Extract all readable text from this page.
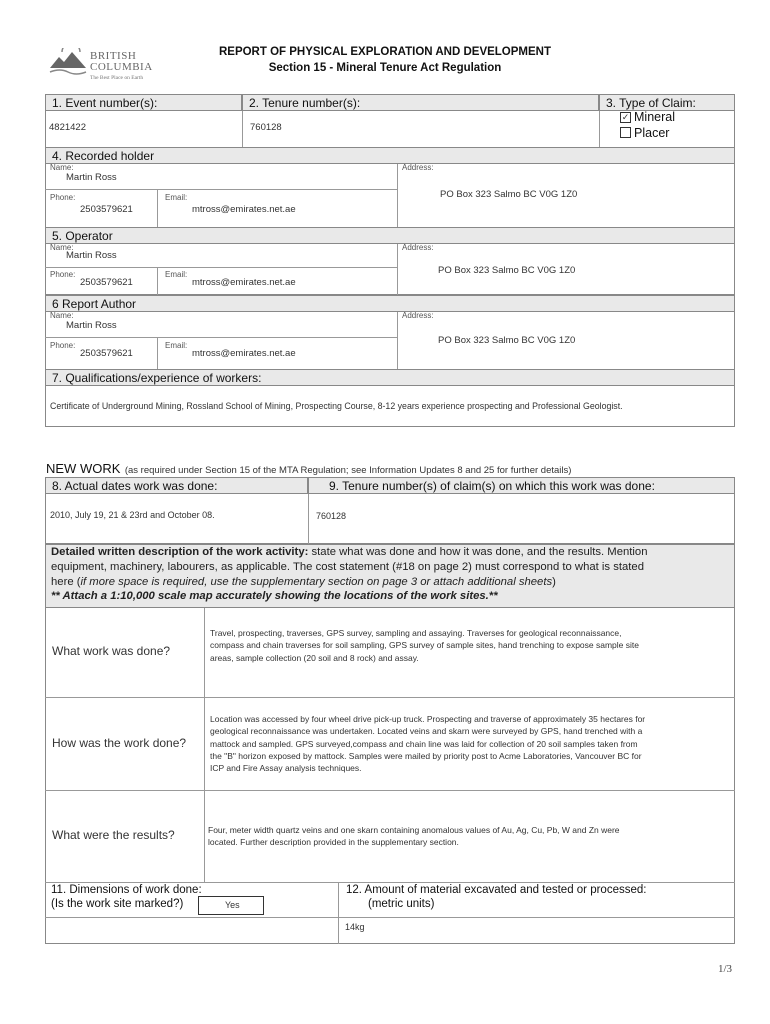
BRITISH
COLUMBIA
The Best Place on Earth
REPORT OF PHYSICAL EXPLORATION AND DEVELOPMENT
Section 15 - Mineral Tenure Act Regulation
1. Event number(s):	2. Tenure number(s):	3. Type of Claim:
4821422	760128
✓ Mineral
Placer
4. Recorded holder
Name:
Martin Ross
Phone:
2503579621
Email:
mtross@emirates.net.ae
Address:
PO Box 323 Salmo BC V0G 1Z0
5. Operator
Name:
Martin Ross
Phone:
2503579621
Email:
mtross@emirates.net.ae
Address:
PO Box 323 Salmo BC V0G 1Z0
6 Report Author
Name:
Martin Ross
Phone:
2503579621
Email:
mtross@emirates.net.ae
Address:
PO Box 323 Salmo BC V0G 1Z0
7. Qualifications/experience of workers:
Certificate of Underground Mining, Rossland School of Mining, Prospecting Course, 8-12 years experience prospecting and Professional Geologist.
NEW WORK (as required under Section 15 of the MTA Regulation; see Information Updates 8 and 25 for further details)
8. Actual dates work was done:	9. Tenure number(s) of claim(s) on which this work was done:
2010, July 19, 21 & 23rd and October 08.	760128
Detailed written description of the work activity: state what was done and how it was done, and the results. Mention
equipment, machinery, labourers, as applicable. The cost statement (#18 on page 2) must correspond to what is stated
here (if more space is required, use the supplementary section on page 3 or attach additional sheets)
** Attach a 1:10,000 scale map accurately showing the locations of the work sites.**
What work was done?
Travel, prospecting, traverses, GPS survey, sampling and assaying. Traverses for geological reconnaissance,
compass and chain traverses for soil sampling, GPS survey of sample sites, hand trenching to expose sample site
areas, sample collection (20 soil and 8 rock) and assay.
How was the work done?
Location was accessed by four wheel drive pick-up truck. Prospecting and traverse of approximately 35 hectares for
geological reconnaissance was undertaken. Located veins and skarn were surveyed by GPS, hand trenched with a
mattock and sampled. GPS surveyed,compass and chain line was laid for collection of 20 soil samples taken from
the "B" horizon exposed by mattock. Samples were mailed by priority post to Acme Laboratories, Vancouver BC for
ICP and Fire Assay analysis techniques.
What were the results?	Four, meter width quartz veins and one skarn containing anomalous values of Au, Ag, Cu, Pb, W and Zn were
located. Further description provided in the supplementary section.
11. Dimensions of work done:
(Is the work site marked?)	Yes
12. Amount of material excavated and tested or processed:
(metric units)
14kg
1/3
